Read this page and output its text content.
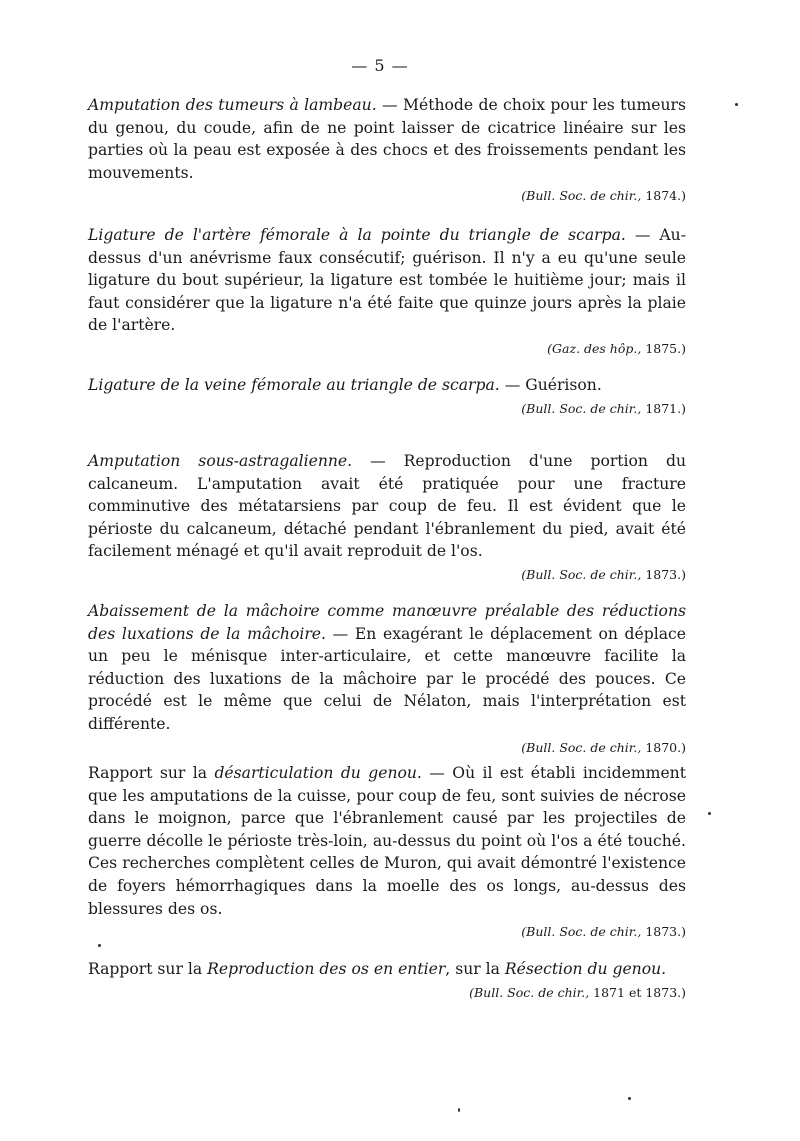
— 5 —

Amputation des tumeurs à lambeau. — Méthode de choix pour les tumeurs du genou, du coude, afin de ne point laisser de cicatrice linéaire sur les parties où la peau est exposée à des chocs et des froissements pendant les mouvements.

(Bull. Soc. de chir., 1874.)

Ligature de l'artère fémorale à la pointe du triangle de scarpa. — Au-dessus d'un anévrisme faux consécutif; guérison. Il n'y a eu qu'une seule ligature du bout supérieur, la ligature est tombée le huitième jour; mais il faut considérer que la ligature n'a été faite que quinze jours après la plaie de l'artère.

(Gaz. des hôp., 1875.)

Ligature de la veine fémorale au triangle de scarpa. — Guérison.

(Bull. Soc. de chir., 1871.)

Amputation sous-astragalienne. — Reproduction d'une portion du calcaneum. L'amputation avait été pratiquée pour une fracture comminutive des métatarsiens par coup de feu. Il est évident que le périoste du calcaneum, détaché pendant l'ébranlement du pied, avait été facilement ménagé et qu'il avait reproduit de l'os.

(Bull. Soc. de chir., 1873.)

Abaissement de la mâchoire comme manœuvre préalable des réductions des luxations de la mâchoire. — En exagérant le déplacement on déplace un peu le ménisque inter-articulaire, et cette manœuvre facilite la réduction des luxations de la mâchoire par le procédé des pouces. Ce procédé est le même que celui de Nélaton, mais l'interprétation est différente.

(Bull. Soc. de chir., 1870.)

Rapport sur la désarticulation du genou. — Où il est établi incidemment que les amputations de la cuisse, pour coup de feu, sont suivies de nécrose dans le moignon, parce que l'ébranlement causé par les projectiles de guerre décolle le périoste très-loin, au-dessus du point où l'os a été touché. Ces recherches complètent celles de Muron, qui avait démontré l'existence de foyers hémorrhagiques dans la moelle des os longs, au-dessus des blessures des os.

(Bull. Soc. de chir., 1873.)

Rapport sur la Reproduction des os en entier, sur la Résection du genou.

(Bull. Soc. de chir., 1871 et 1873.)
